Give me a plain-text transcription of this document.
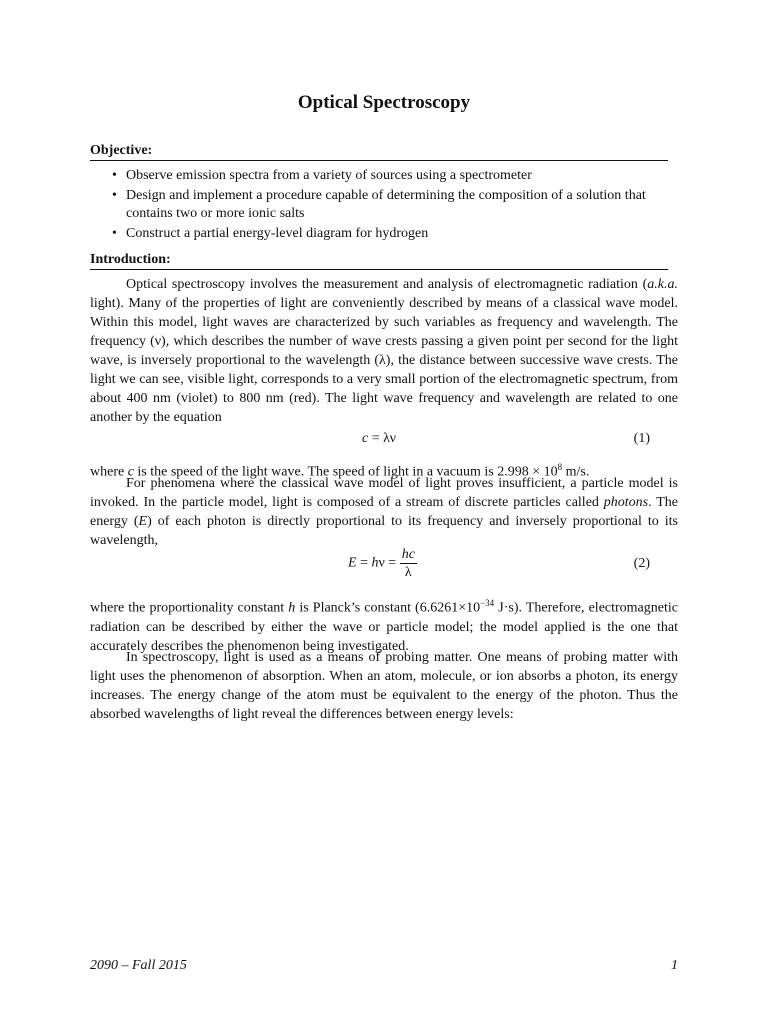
Optical Spectroscopy
Objective:
• Observe emission spectra from a variety of sources using a spectrometer
• Design and implement a procedure capable of determining the composition of a solution that contains two or more ionic salts
• Construct a partial energy-level diagram for hydrogen
Introduction:
Optical spectroscopy involves the measurement and analysis of electromagnetic radiation (a.k.a. light). Many of the properties of light are conveniently described by means of a classical wave model. Within this model, light waves are characterized by such variables as frequency and wavelength. The frequency (ν), which describes the number of wave crests passing a given point per second for the light wave, is inversely proportional to the wavelength (λ), the distance between successive wave crests. The light we can see, visible light, corresponds to a very small portion of the electromagnetic spectrum, from about 400 nm (violet) to 800 nm (red). The light wave frequency and wavelength are related to one another by the equation
c = λν	(1)
where c is the speed of the light wave. The speed of light in a vacuum is $2.998 \times 10^8$ m/s.
For phenomena where the classical wave model of light proves insufficient, a particle model is invoked. In the particle model, light is composed of a stream of discrete particles called photons. The energy (E) of each photon is directly proportional to its frequency and inversely proportional to its wavelength,
$E = h\nu = \frac{hc}{\lambda}$	(2)
where the proportionality constant h is Planck’s constant ($6.6261\times 10^{-34}$ J·s). Therefore, electromagnetic radiation can be described by either the wave or particle model; the model applied is the one that accurately describes the phenomenon being investigated.
In spectroscopy, light is used as a means of probing matter. One means of probing matter with light uses the phenomenon of absorption. When an atom, molecule, or ion absorbs a photon, its energy increases. The energy change of the atom must be equivalent to the energy of the photon. Thus the absorbed wavelengths of light reveal the differences between energy levels:
2090 – Fall 2015	1
